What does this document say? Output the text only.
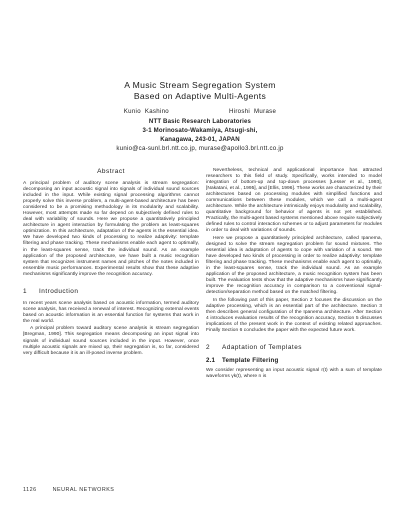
A Music Stream Segregation System
Based on Adaptive Multi-Agents
Kunio Kashino	Hiroshi Murase
NTT Basic Research Laboratories
3-1 Morinosato-Wakamiya, Atsugi-shi,
Kanagawa, 243-01, JAPAN
kunio@ca-sunl.brl.ntt.co.jp, murase@apollo3.brl.ntt.co.jp
Abstract

A principal problem of auditory scene analysis is stream segregation: decomposing an input acoustic signal into signals of individual sound sources included in the input. While existing signal processing algorithms cannot properly solve this inverse problem, a multi-agent-based architecture has been considered to be a promising methodology in its modularity and scalability. However, most attempts made so far depend on subjectively defined rules to deal with variability of sounds. Here we propose a quantitatively principled architecture in agent interaction by formulating the problem as least-squares optimization. In this architecture, adaptation of the agents is the essential idea. We have developed two kinds of processing to realize adaptivity: template filtering and phase tracking. These mechanisms enable each agent to optimally, in the least-squares sense, track the individual sound. As an example application of the proposed architecture, we have built a music recognition system that recognizes instrument names and pitches of the notes included in ensemble music performances. Experimental results show that these adaptive mechanisms significantly improve the recognition accuracy.

1 Introduction

In recent years scene analysis based on acoustic information, termed auditory scene analysis, has received a renewal of interest. Recognizing external events based on acoustic information is an essential function for systems that work in the real world.

A principal problem toward auditory scene analysis is stream segregation [Bregman, 1990]. This segregation means decomposing an input signal into signals of individual sound sources included in the input. However, once multiple acoustic signals are mixed up, their segregation is, so far, considered very difficult because it is an ill-posed inverse problem.

Nevertheless, technical and applicational importance has attracted researchers to this field of study. Specifically, works intended to model integration of bottom-up and top-down processes [Lesser et al., 1993], [Nakatani, et al., 1995], and [Ellis, 1996]. These works are characterized by their architectures based on processing modules with simplified functions and communications between these modules, which we call a multi-agent architecture. While the architecture intrinsically enjoys modularity and scalability, quantitative background for behavior of agents is not yet established. Practically, the multi-agent based systems mentioned above require subjectively defined rules to control interaction schemes or to adjust parameters for modules in order to deal with variations of sounds.

Here we propose a quantitatively principled architecture, called Ipanema, designed to solve the stream segregation problem for sound mixtures. The essential idea is adaptation of agents to cope with variation of a sound. We have developed two kinds of processing in order to realize adaptivity: template filtering and phase tracking. These mechanisms enable each agent to optimally, in the least-squares sense, track the individual sound. As an example application of the proposed architecture, a music recognition system has been built. The evaluation tests show that the adaptive mechanisms have significantly improve the recognition accuracy in comparison to a conventional signal-detection/separation method based on the matched filtering.

In the following part of this paper, Section 2 focuses the discussion on the adaptive processing, which is an essential part of the architecture. Section 3 then describes general configuration of the Ipanema architecture. After Section 4 introduces evaluation results of the recognition accuracy, Section 5 discusses implications of the present work in the context of existing related approaches. Finally Section 6 concludes the paper with the expected future work.

2 Adaptation of Templates
2.1 Template Filtering

We consider representing an input acoustic signal r(t) with a sum of template waveforms γk(t), where n is

1126	NEURAL NETWORKS
